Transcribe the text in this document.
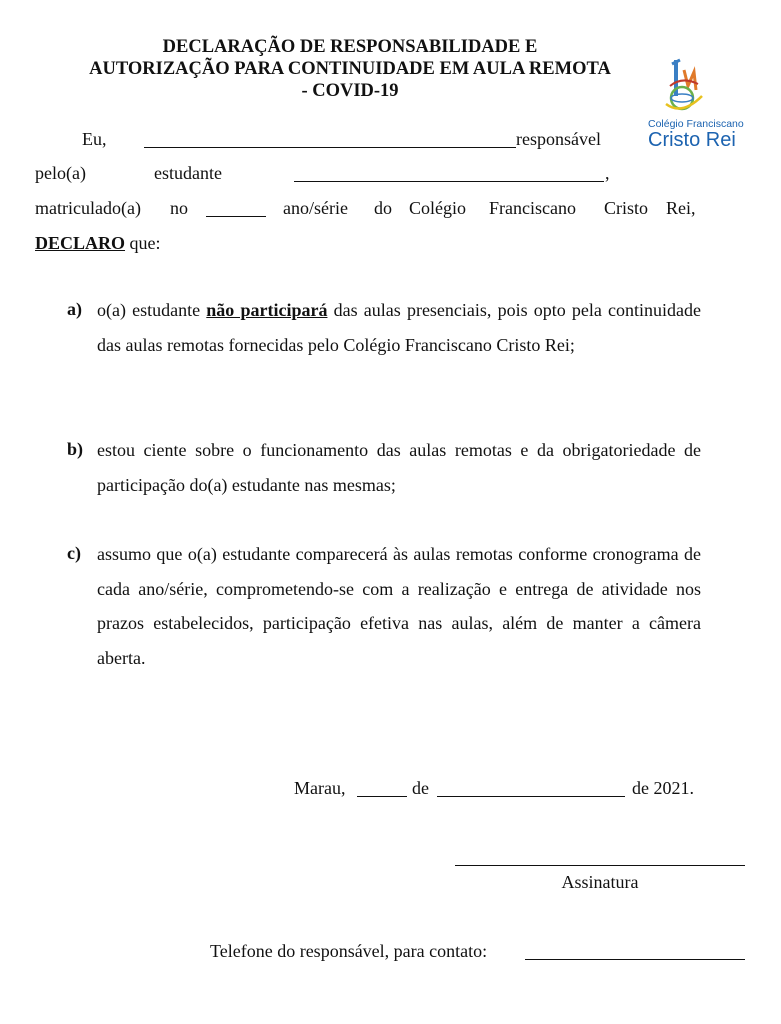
DECLARAÇÃO DE RESPONSABILIDADE E
AUTORIZAÇÃO PARA CONTINUIDADE EM AULA REMOTA
- COVID-19
Colégio Franciscano
Cristo Rei
Eu,	responsável
pelo(a)	estudante	,
matriculado(a) no	ano/série do Colégio Franciscano Cristo Rei,
DECLARO que:
a) o(a) estudante não participará das aulas presenciais, pois opto pela continuidade das aulas remotas fornecidas pelo Colégio Franciscano Cristo Rei;
b) estou ciente sobre o funcionamento das aulas remotas e da obrigatoriedade de participação do(a) estudante nas mesmas;
c) assumo que o(a) estudante comparecerá às aulas remotas conforme cronograma de cada ano/série, comprometendo-se com a realização e entrega de atividade nos prazos estabelecidos, participação efetiva nas aulas, além de manter a câmera aberta.
Marau,	de	de 2021.
Assinatura
Telefone do responsável, para contato:
